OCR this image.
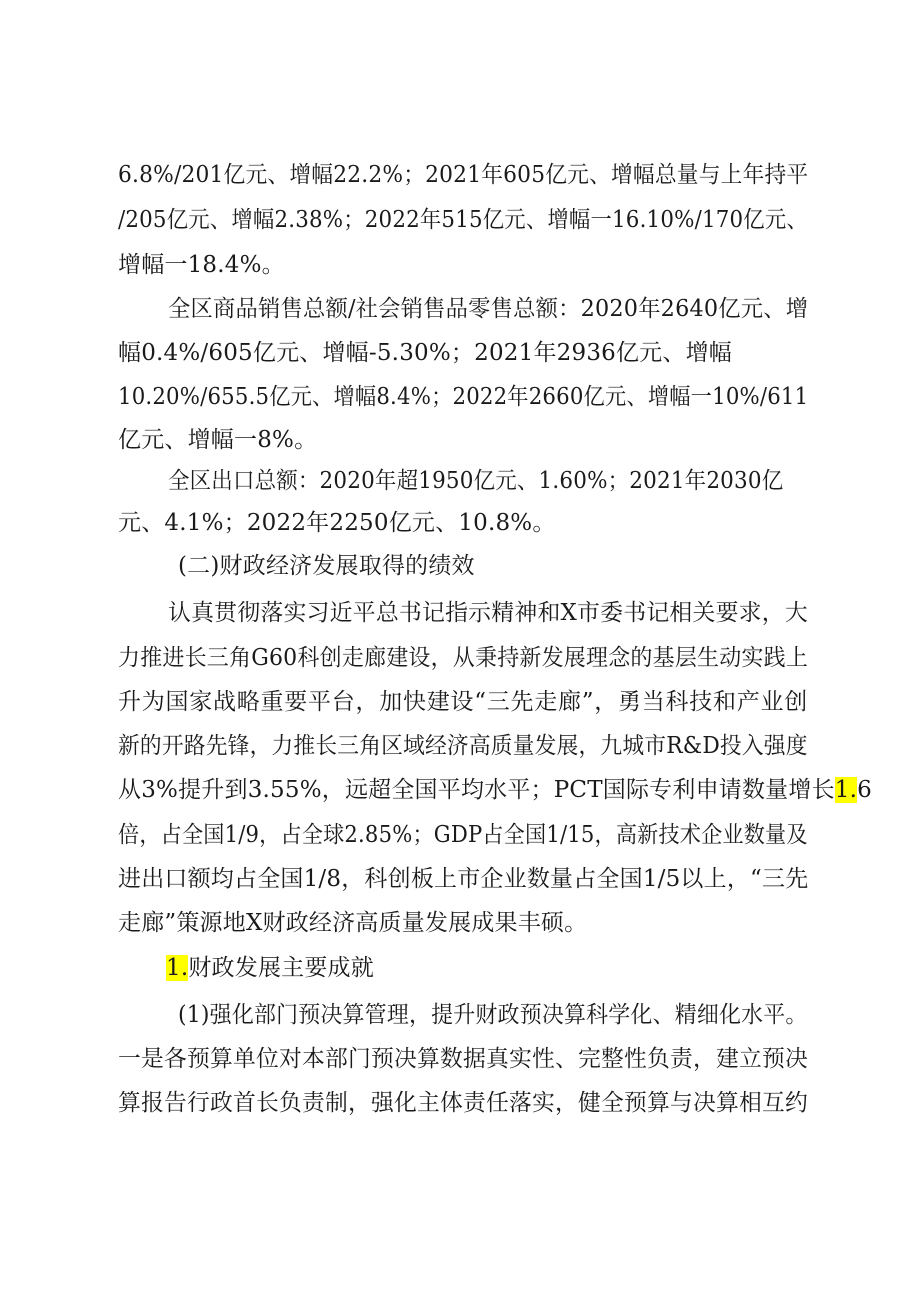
6.8%/201亿元、增幅22.2%；2021年605亿元、增幅总量与上年持平
/205亿元、增幅2.38%；2022年515亿元、增幅一16.10%/170亿元、
增幅一18.4%。
全区商品销售总额/社会销售品零售总额：2020年2640亿元、增
幅0.4%/605亿元、增幅-5.30%；2021年2936亿元、增幅
10.20%/655.5亿元、增幅8.4%；2022年2660亿元、增幅一10%/611
亿元、增幅一8%。
全区出口总额：2020年超1950亿元、1.60%；2021年2030亿
元、4.1%；2022年2250亿元、10.8%。
(二)财政经济发展取得的绩效
认真贯彻落实习近平总书记指示精神和X市委书记相关要求，大
力推进长三角G60科创走廊建设，从秉持新发展理念的基层生动实践上
升为国家战略重要平台，加快建设“三先走廊”，勇当科技和产业创
新的开路先锋，力推长三角区域经济高质量发展，九城市R&D投入强度
从3%提升到3.55%，远超全国平均水平；PCT国际专利申请数量增长1.6
倍，占全国1/9，占全球2.85%；GDP占全国1/15，高新技术企业数量及
进出口额均占全国1/8，科创板上市企业数量占全国1/5以上，“三先
走廊”策源地X财政经济高质量发展成果丰硕。
1.财政发展主要成就
(1)强化部门预决算管理，提升财政预决算科学化、精细化水平。
一是各预算单位对本部门预决算数据真实性、完整性负责，建立预决
算报告行政首长负责制，强化主体责任落实，健全预算与决算相互约
